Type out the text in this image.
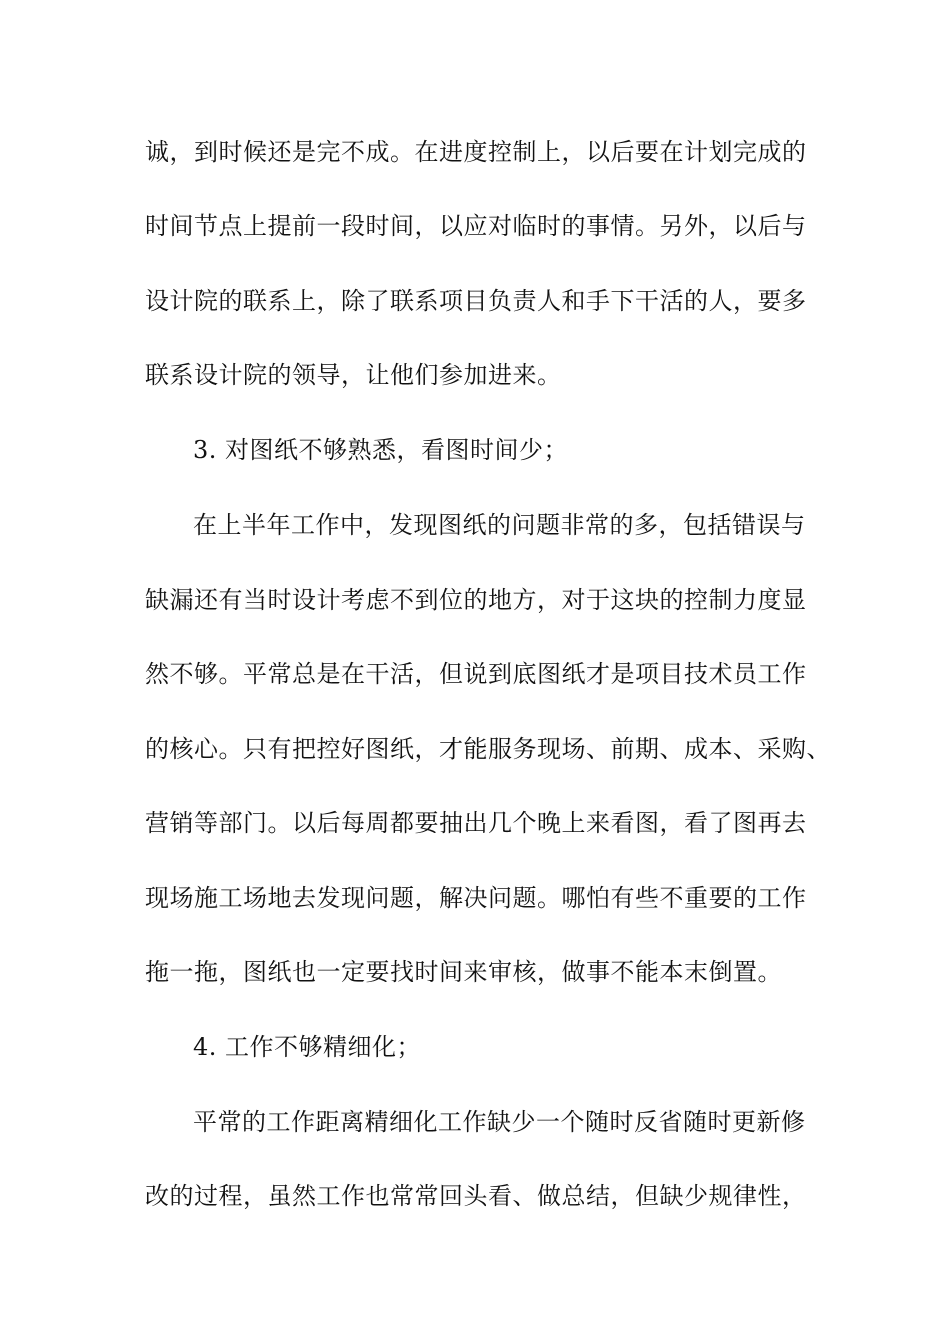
诚，到时候还是完不成。在进度控制上，以后要在计划完成的
时间节点上提前一段时间，以应对临时的事情。另外，以后与
设计院的联系上，除了联系项目负责人和手下干活的人，要多
联系设计院的领导，让他们参加进来。
3. 对图纸不够熟悉，看图时间少；
在上半年工作中，发现图纸的问题非常的多，包括错误与
缺漏还有当时设计考虑不到位的地方，对于这块的控制力度显
然不够。平常总是在干活，但说到底图纸才是项目技术员工作
的核心。只有把控好图纸，才能服务现场、前期、成本、采购、
营销等部门。以后每周都要抽出几个晚上来看图，看了图再去
现场施工场地去发现问题，解决问题。哪怕有些不重要的工作
拖一拖，图纸也一定要找时间来审核，做事不能本末倒置。
4. 工作不够精细化；
平常的工作距离精细化工作缺少一个随时反省随时更新修
改的过程，虽然工作也常常回头看、做总结，但缺少规律性，
